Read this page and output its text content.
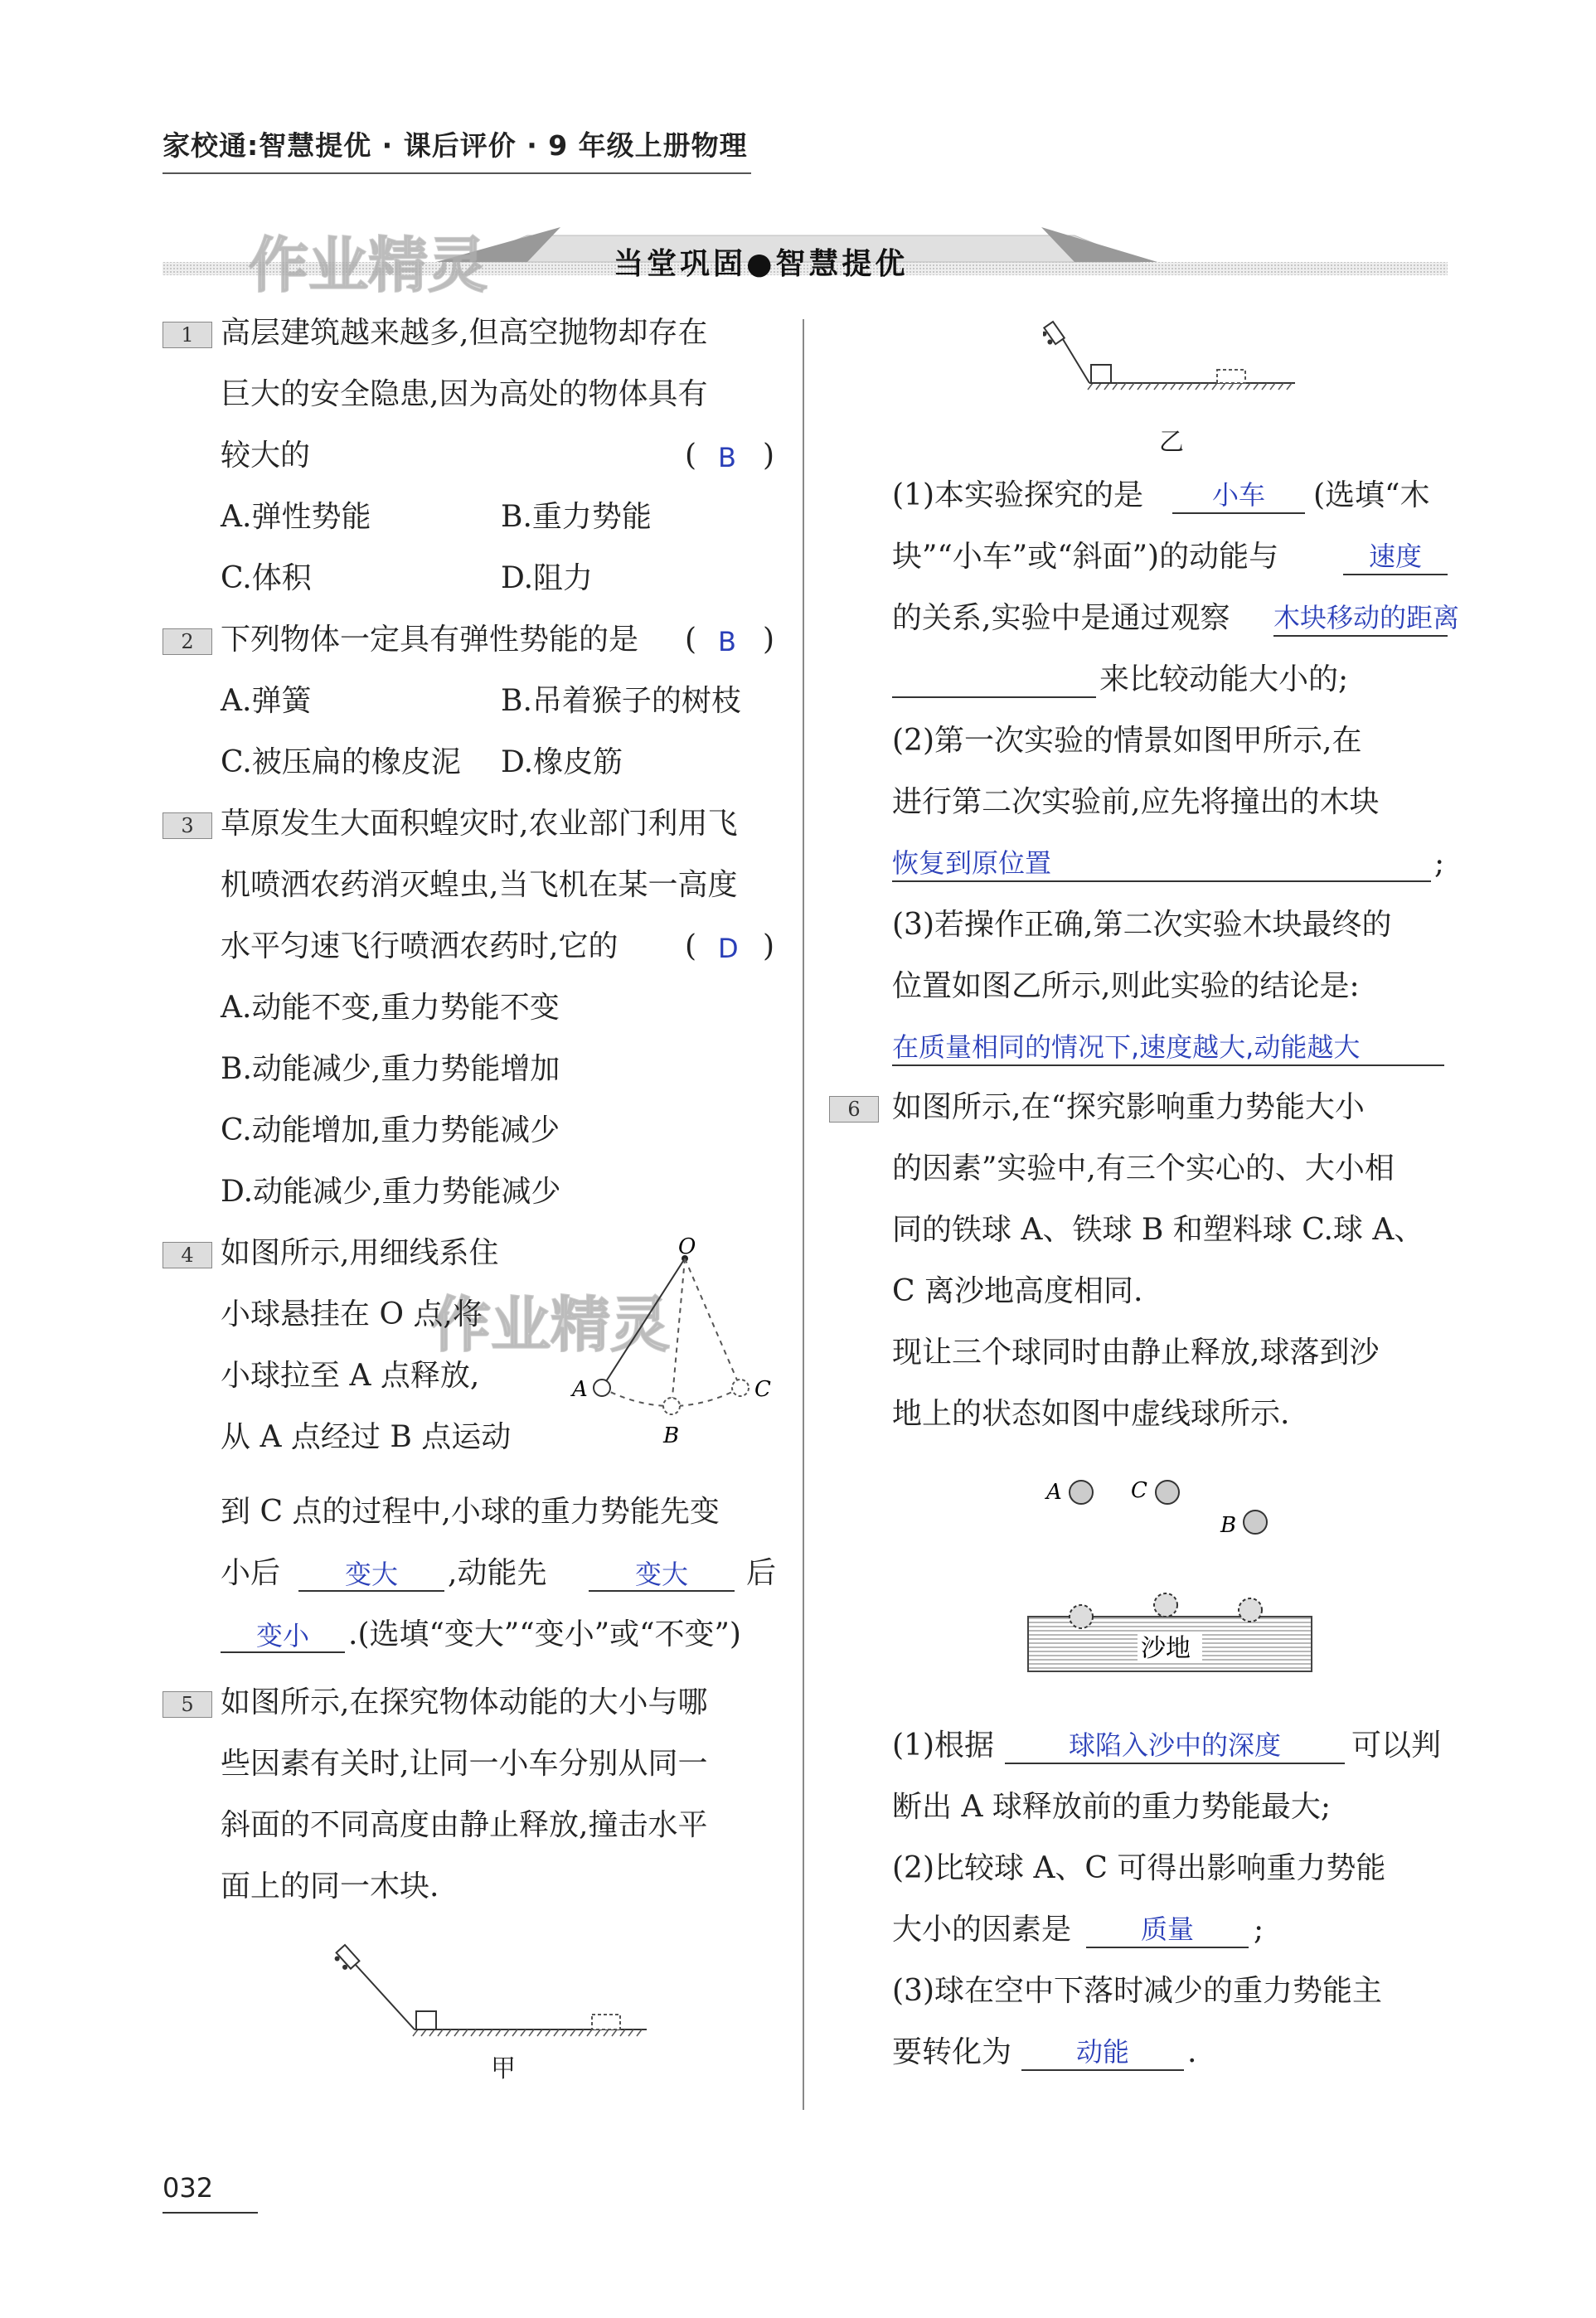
家校通:智慧提优 · 课后评价 · 9 年级上册物理
当堂巩固●智慧提优
作业精灵
作业精灵
1 高层建筑越来越多,但高空抛物却存在
巨大的安全隐患,因为高处的物体具有
较大的	( B )
A.弹性势能	B.重力势能
C.体积	D.阻力
2 下列物体一定具有弹性势能的是 ( B )
A.弹簧	B.吊着猴子的树枝
C.被压扁的橡皮泥 D.橡皮筋
3 草原发生大面积蝗灾时,农业部门利用飞
机喷洒农药消灭蝗虫,当飞机在某一高度
水平匀速飞行喷洒农药时,它的 ( D )
A.动能不变,重力势能不变
B.动能减少,重力势能增加
C.动能增加,重力势能减少
D.动能减少,重力势能减少
4 如图所示,用细线系住
小球悬挂在 O 点,将
小球拉至 A 点释放,
从 A 点经过 B 点运动
O
A
B
C
到 C 点的过程中,小球的重力势能先变
小后	变大	,动能先	变大	后
变小	.(选填“变大”“变小”或“不变”)
5 如图所示,在探究物体动能的大小与哪
些因素有关时,让同一小车分别从同一
斜面的不同高度由静止释放,撞击水平
面上的同一木块.
甲
乙
(1)本实验探究的是	小车	(选填“木
块”“小车”或“斜面”)的动能与	速度
的关系,实验中是通过观察 木块移动的距离
来比较动能大小的;
(2)第一次实验的情景如图甲所示,在
进行第二次实验前,应先将撞出的木块
恢复到原位置	;
(3)若操作正确,第二次实验木块最终的
位置如图乙所示,则此实验的结论是:
在质量相同的情况下,速度越大,动能越大
6	如图所示,在“探究影响重力势能大小
的因素”实验中,有三个实心的、大小相
同的铁球 A、铁球 B 和塑料球 C.球 A、
C 离沙地高度相同.
现让三个球同时由静止释放,球落到沙
地上的状态如图中虚线球所示.
A	C
B
沙地
(1)根据	球陷入沙中的深度	可以判
断出 A 球释放前的重力势能最大;
(2)比较球 A、C 可得出影响重力势能
大小的因素是	质量	;
(3)球在空中下落时减少的重力势能主
要转化为	动能	.
032
